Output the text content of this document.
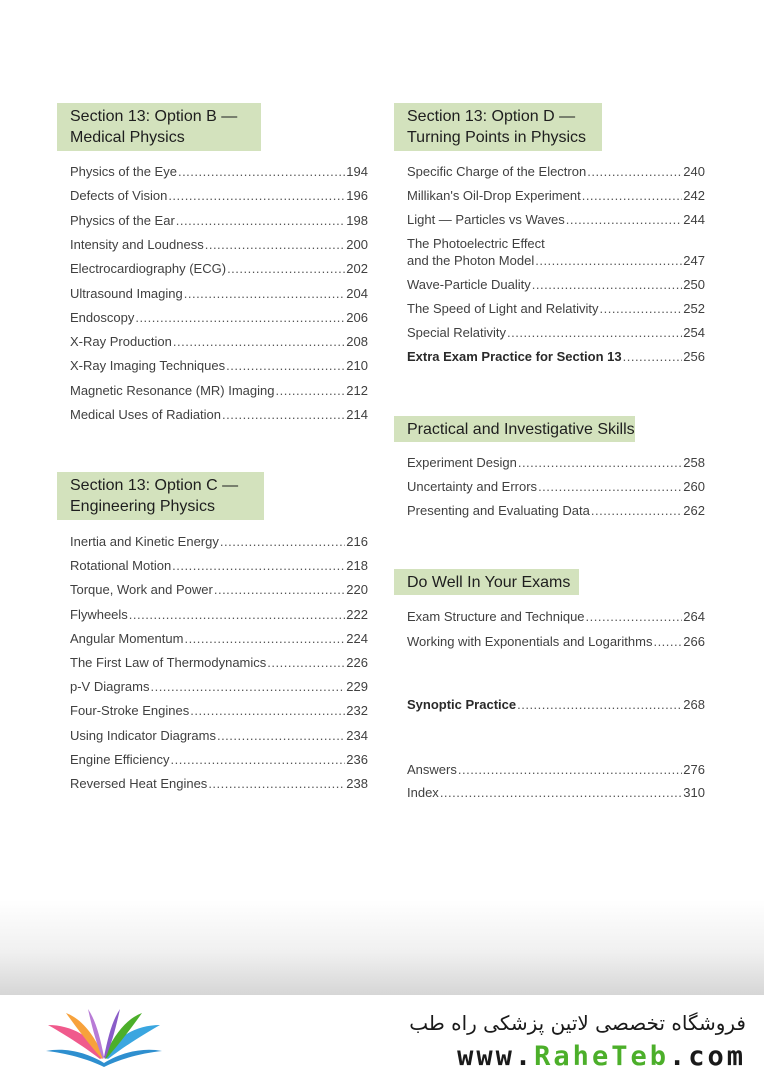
Section 13: Option B —
Medical Physics
Physics of the Eye .....	194
Defects of Vision .....	196
Physics of the Ear .....	198
Intensity and Loudness .....	200
Electrocardiography (ECG) .....	202
Ultrasound Imaging .....	204
Endoscopy .....	206
X-Ray Production .....	208
X-Ray Imaging Techniques .....	210
Magnetic Resonance (MR) Imaging .....	212
Medical Uses of Radiation .....	214
Section 13: Option C —
Engineering Physics
Inertia and Kinetic Energy .....	216
Rotational Motion .....	218
Torque, Work and Power .....	220
Flywheels .....	222
Angular Momentum .....	224
The First Law of Thermodynamics .....	226
p-V Diagrams .....	229
Four-Stroke Engines .....	232
Using Indicator Diagrams .....	234
Engine Efficiency .....	236
Reversed Heat Engines .....	238
Section 13: Option D —
Turning Points in Physics
Specific Charge of the Electron .....	240
Millikan's Oil-Drop Experiment .....	242
Light — Particles vs Waves .....	244
The Photoelectric Effect
and the Photon Model .....	247
Wave-Particle Duality .....	250
The Speed of Light and Relativity .....	252
Special Relativity .....	254
Extra Exam Practice for Section 13 .....	256
Practical and Investigative Skills
Experiment Design .....	258
Uncertainty and Errors .....	260
Presenting and Evaluating Data .....	262
Do Well In Your Exams
Exam Structure and Technique .....	264
Working with Exponentials and Logarithms ..... 266
Synoptic Practice .....	268
Answers .....	276
Index .....	310
فروشگاه تخصصی لاتین پزشکی راه طب
www.RaheTeb.com
